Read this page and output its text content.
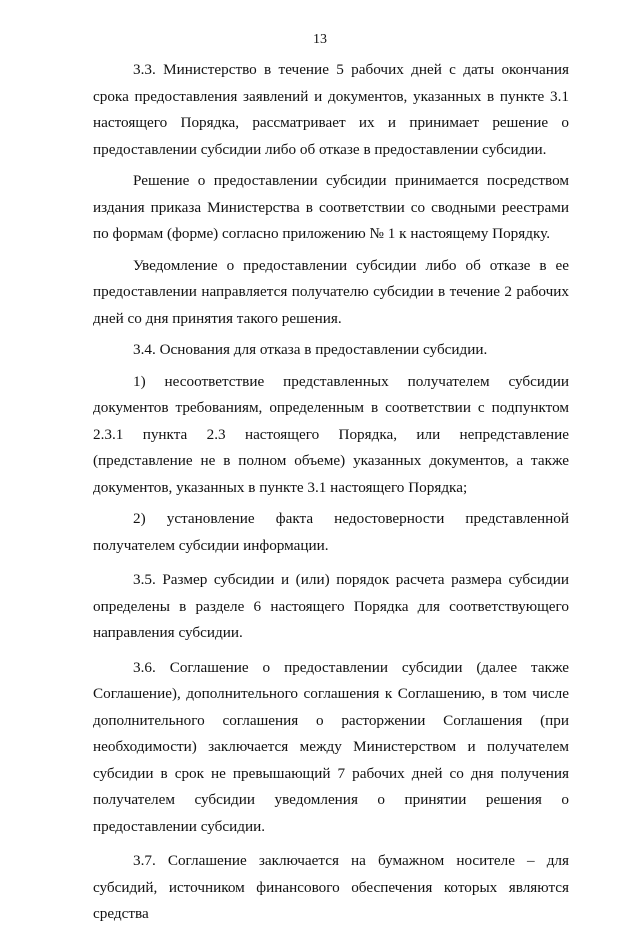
13

3.3. Министерство в течение 5 рабочих дней с даты окончания срока предоставления заявлений и документов, указанных в пункте 3.1 настоящего Порядка, рассматривает их и принимает решение о предоставлении субсидии либо об отказе в предоставлении субсидии.

Решение о предоставлении субсидии принимается посредством издания приказа Министерства в соответствии со сводными реестрами по формам (форме) согласно приложению № 1 к настоящему Порядку.

Уведомление о предоставлении субсидии либо об отказе в ее предоставлении направляется получателю субсидии в течение 2 рабочих дней со дня принятия такого решения.

3.4. Основания для отказа в предоставлении субсидии.

1) несоответствие представленных получателем субсидии документов требованиям, определенным в соответствии с подпунктом 2.3.1 пункта 2.3 настоящего Порядка, или непредставление (представление не в полном объеме) указанных документов, а также документов, указанных в пункте 3.1 настоящего Порядка;

2) установление факта недостоверности представленной получателем субсидии информации.

3.5. Размер субсидии и (или) порядок расчета размера субсидии определены в разделе 6 настоящего Порядка для соответствующего направления субсидии.

3.6. Соглашение о предоставлении субсидии (далее также Соглашение), дополнительного соглашения к Соглашению, в том числе дополнительного соглашения о расторжении Соглашения (при необходимости) заключается между Министерством и получателем субсидии в срок не превышающий 7 рабочих дней со дня получения получателем субсидии уведомления о принятии решения о предоставлении субсидии.

3.7. Соглашение заключается на бумажном носителе – для субсидий, источником финансового обеспечения которых являются средства
